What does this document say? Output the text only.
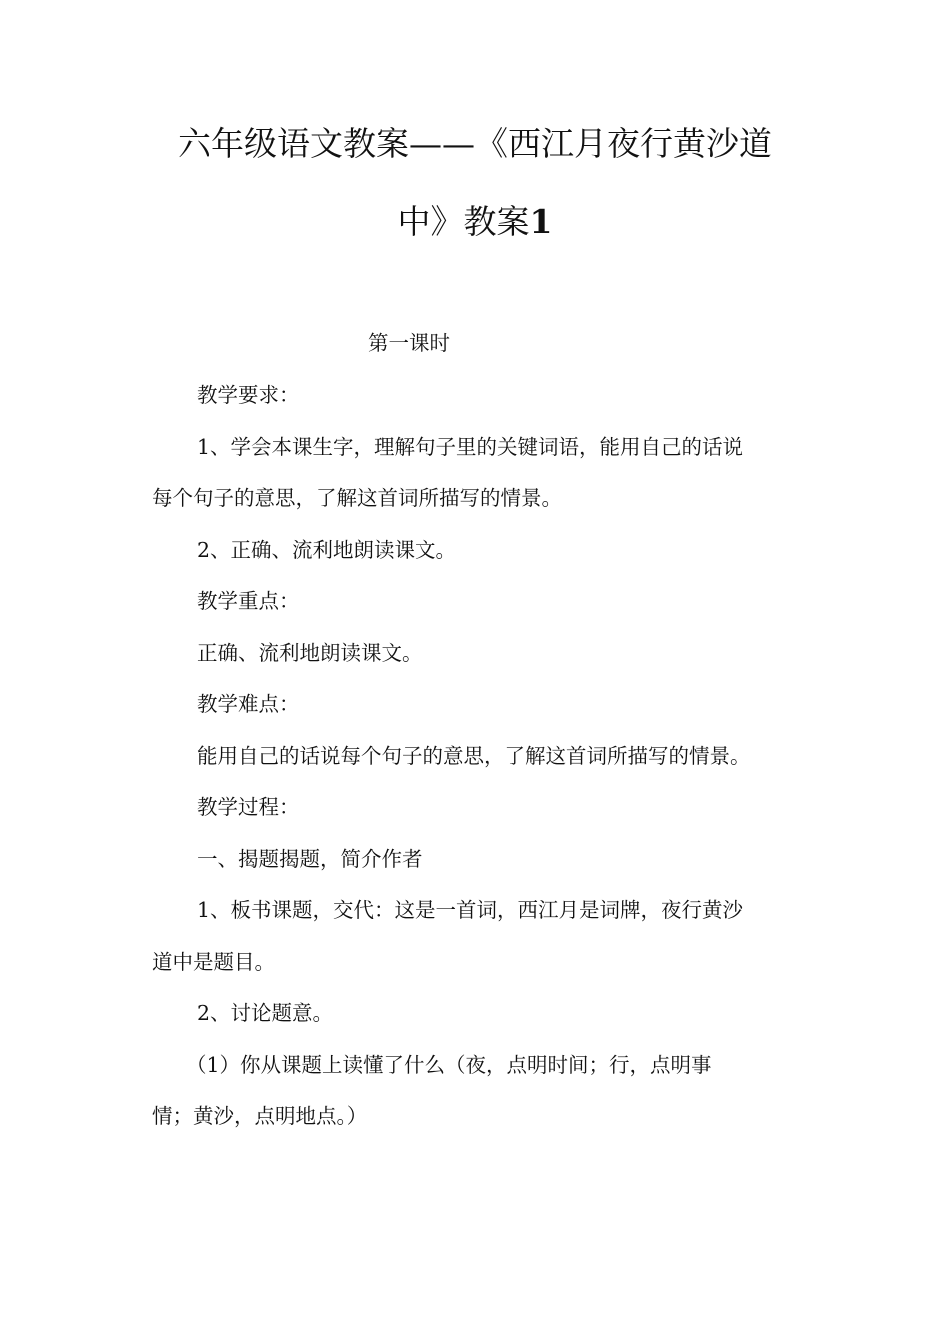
六年级语文教案——《西江月夜行黄沙道
中》教案1
第一课时
教学要求：
1、学会本课生字，理解句子里的关键词语，能用自己的话说
每个句子的意思，了解这首词所描写的情景。
2、正确、流利地朗读课文。
教学重点：
正确、流利地朗读课文。
教学难点：
能用自己的话说每个句子的意思，了解这首词所描写的情景。
教学过程：
一、揭题揭题，简介作者
1、板书课题，交代：这是一首词，西江月是词牌，夜行黄沙
道中是题目。
2、讨论题意。
（1）你从课题上读懂了什么（夜，点明时间；行，点明事
情；黄沙，点明地点。）
